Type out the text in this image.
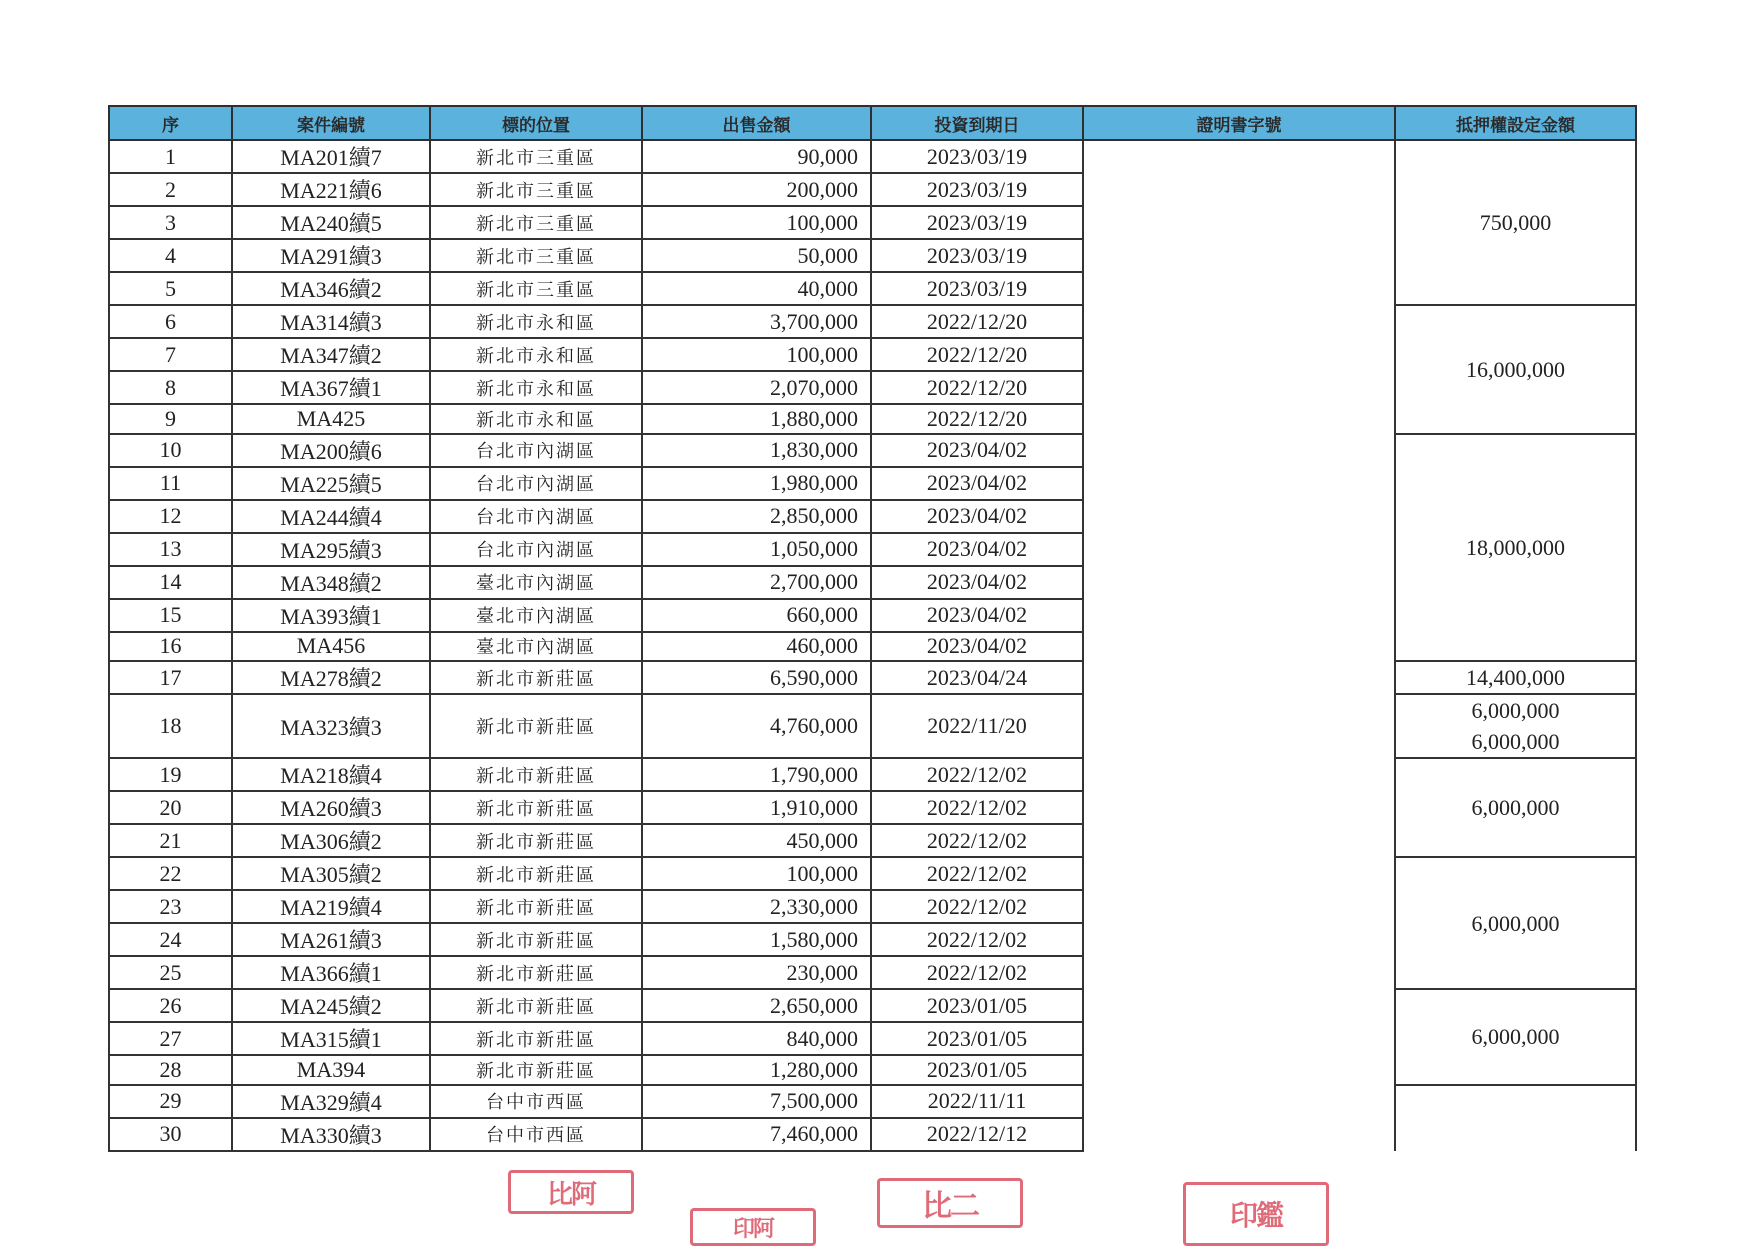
序	案件編號	標的位置	出售金額	投資到期日	證明書字號	抵押權設定金額
1	MA201續7	新北市三重區	90,000	2023/03/19		750,000

2	MA221續6	新北市三重區	200,000	2023/03/19		
3	MA240續5	新北市三重區	100,000	2023/03/19		
4	MA291續3	新北市三重區	50,000	2023/03/19		
5	MA346續2	新北市三重區	40,000	2023/03/19		
6	MA314續3	新北市永和區	3,700,000	2022/12/20		16,000,000

7	MA347續2	新北市永和區	100,000	2022/12/20		
8	MA367續1	新北市永和區	2,070,000	2022/12/20		
9	MA425	新北市永和區	1,880,000	2022/12/20		
10	MA200續6	台北市內湖區	1,830,000	2023/04/02		18,000,000

11	MA225續5	台北市內湖區	1,980,000	2023/04/02		
12	MA244續4	台北市內湖區	2,850,000	2023/04/02		
13	MA295續3	台北市內湖區	1,050,000	2023/04/02		
14	MA348續2	臺北市內湖區	2,700,000	2023/04/02		
15	MA393續1	臺北市內湖區	660,000	2023/04/02		
16	MA456	臺北市內湖區	460,000	2023/04/02		
17	MA278續2	新北市新莊區	6,590,000	2023/04/24		14,400,000

18	MA323續3	新北市新莊區	4,760,000	2022/11/20		6,000,000
6,000,000

19	MA218續4	新北市新莊區	1,790,000	2022/12/02		6,000,000

20	MA260續3	新北市新莊區	1,910,000	2022/12/02		
21	MA306續2	新北市新莊區	450,000	2022/12/02		
22	MA305續2	新北市新莊區	100,000	2022/12/02		6,000,000

23	MA219續4	新北市新莊區	2,330,000	2022/12/02		
24	MA261續3	新北市新莊區	1,580,000	2022/12/02		
25	MA366續1	新北市新莊區	230,000	2022/12/02		
26	MA245續2	新北市新莊區	2,650,000	2023/01/05		6,000,000

27	MA315續1	新北市新莊區	840,000	2023/01/05		
28	MA394	新北市新莊區	1,280,000	2023/01/05		
29	MA329續4	台中市西區	7,500,000	2022/11/11		
30	MA330續3	台中市西區	7,460,000	2022/12/12		
比阿
印阿
比二	印鑑
